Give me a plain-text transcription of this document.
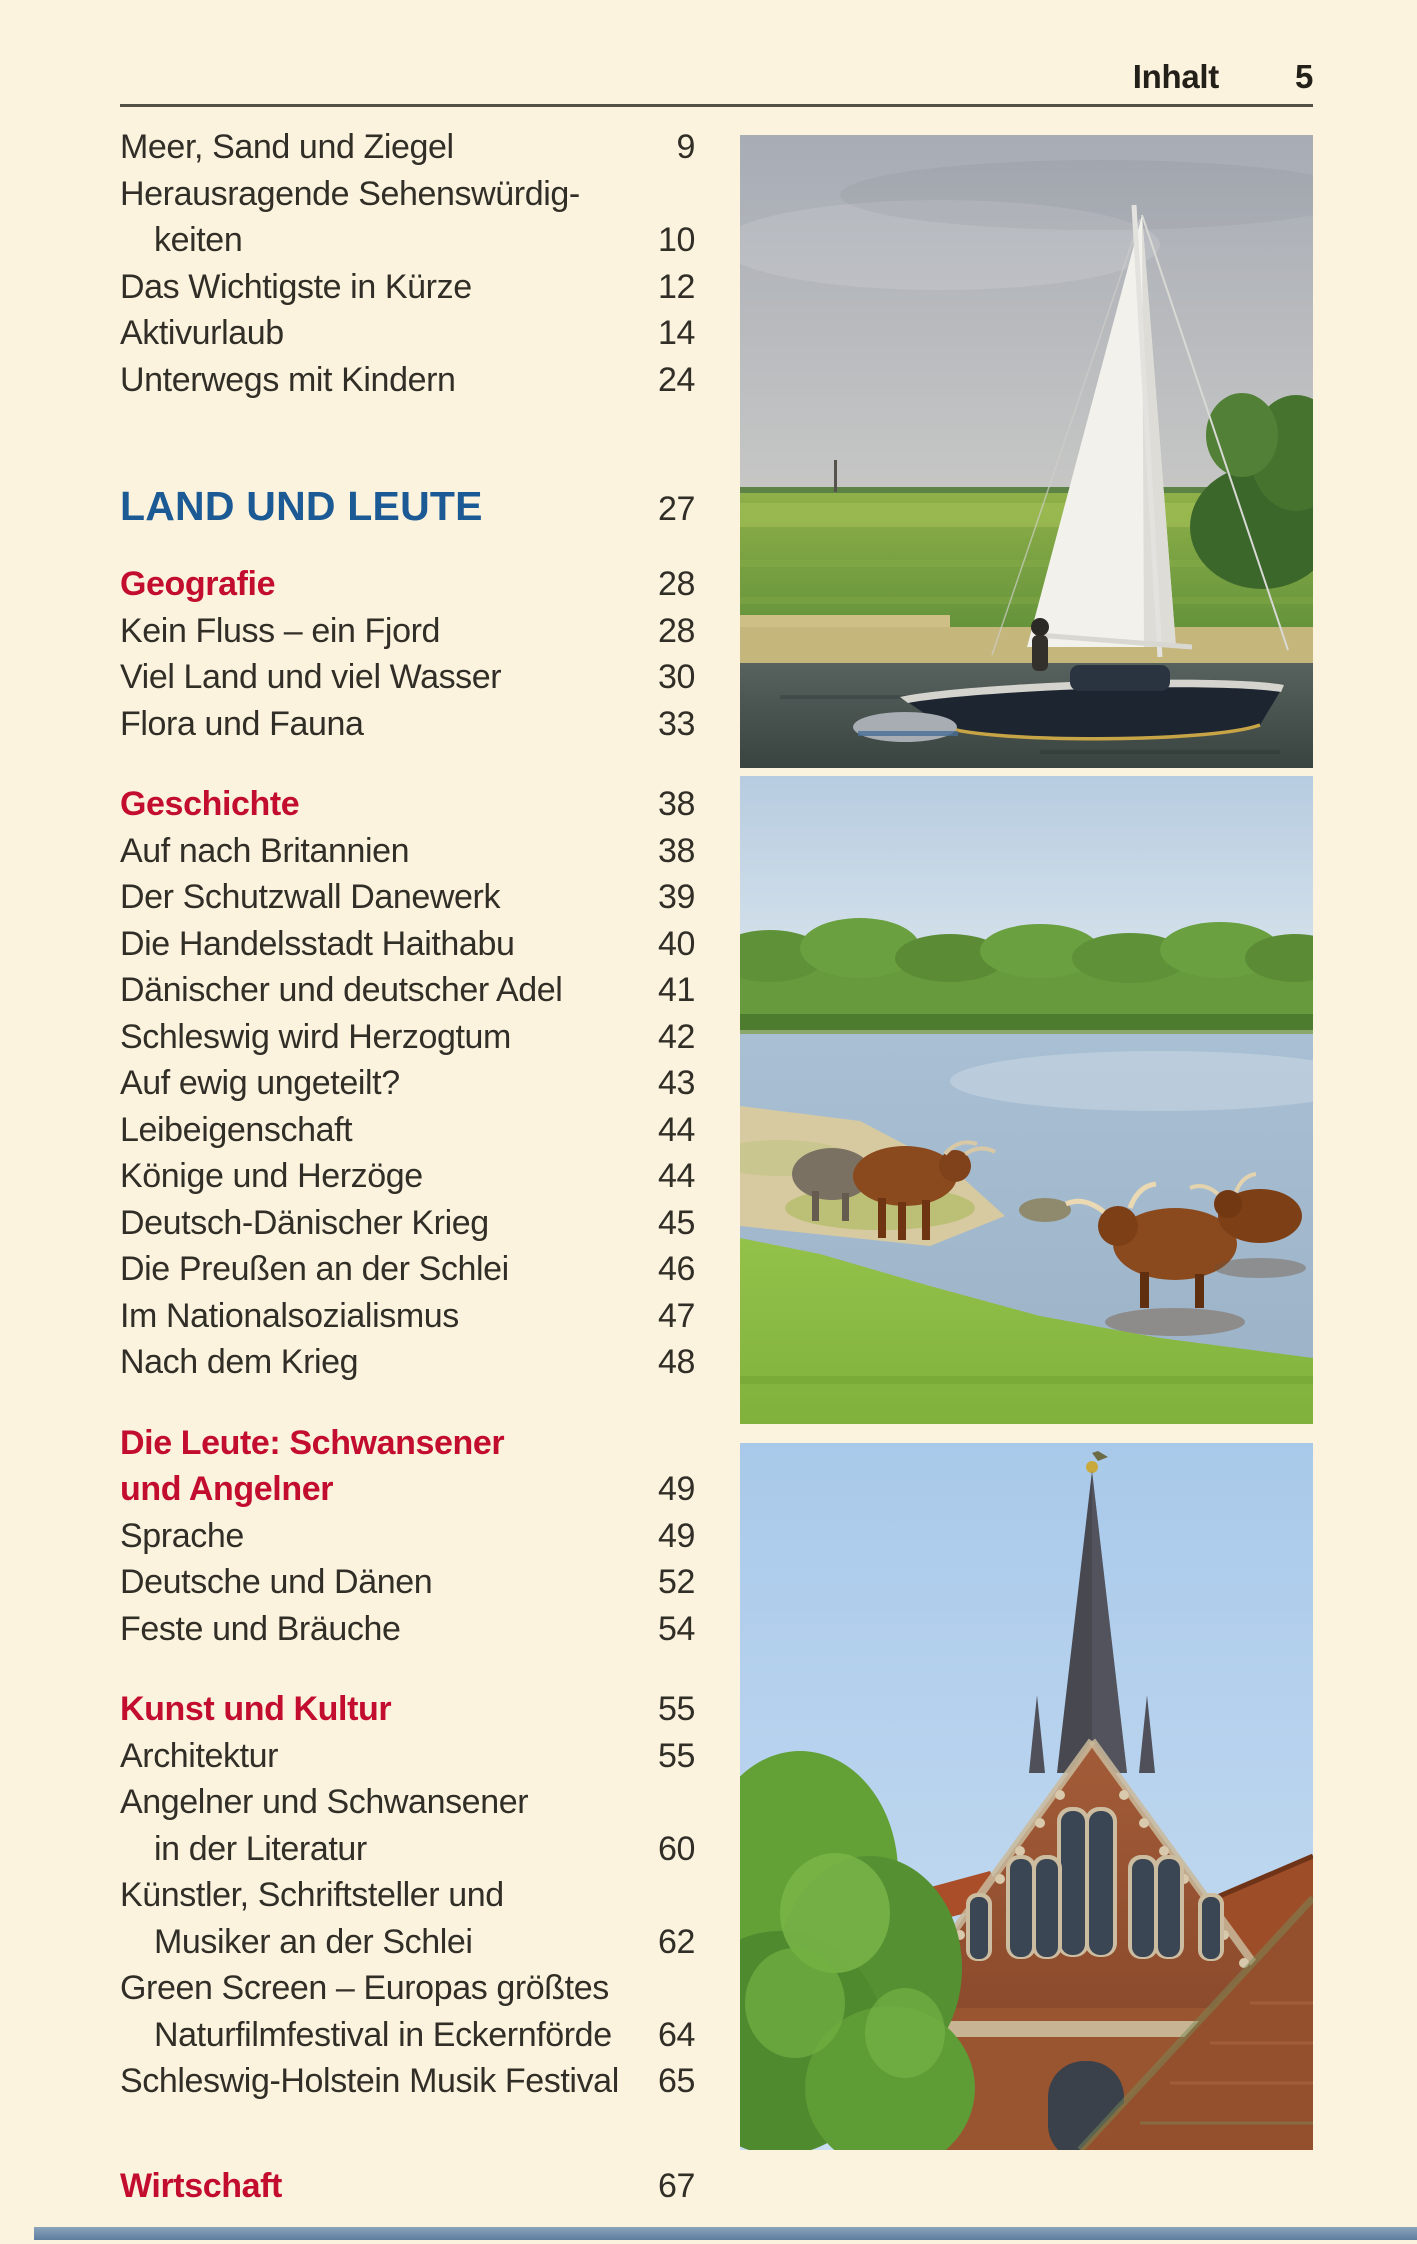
Inhalt 5
Meer, Sand und Ziegel	9
Herausragende Sehenswürdig-
keiten	10
Das Wichtigste in Kürze	12
Aktivurlaub	14
Unterwegs mit Kindern	24
LAND UND LEUTE	27
Geografie	28
Kein Fluss – ein Fjord	28
Viel Land und viel Wasser	30
Flora und Fauna	33
Geschichte	38
Auf nach Britannien	38
Der Schutzwall Danewerk	39
Die Handelsstadt Haithabu	40
Dänischer und deutscher Adel	41
Schleswig wird Herzogtum	42
Auf ewig ungeteilt?	43
Leibeigenschaft	44
Könige und Herzöge	44
Deutsch-Dänischer Krieg	45
Die Preußen an der Schlei	46
Im Nationalsozialismus	47
Nach dem Krieg	48
Die Leute: Schwansener
und Angelner	49
Sprache	49
Deutsche und Dänen	52
Feste und Bräuche	54
Kunst und Kultur	55
Architektur	55
Angelner und Schwansener
in der Literatur	60
Künstler, Schriftsteller und
Musiker an der Schlei	62
Green Screen – Europas größtes
Naturfilmfestival in Eckernförde	64
Schleswig-Holstein Musik Festival	65
Wirtschaft	67
